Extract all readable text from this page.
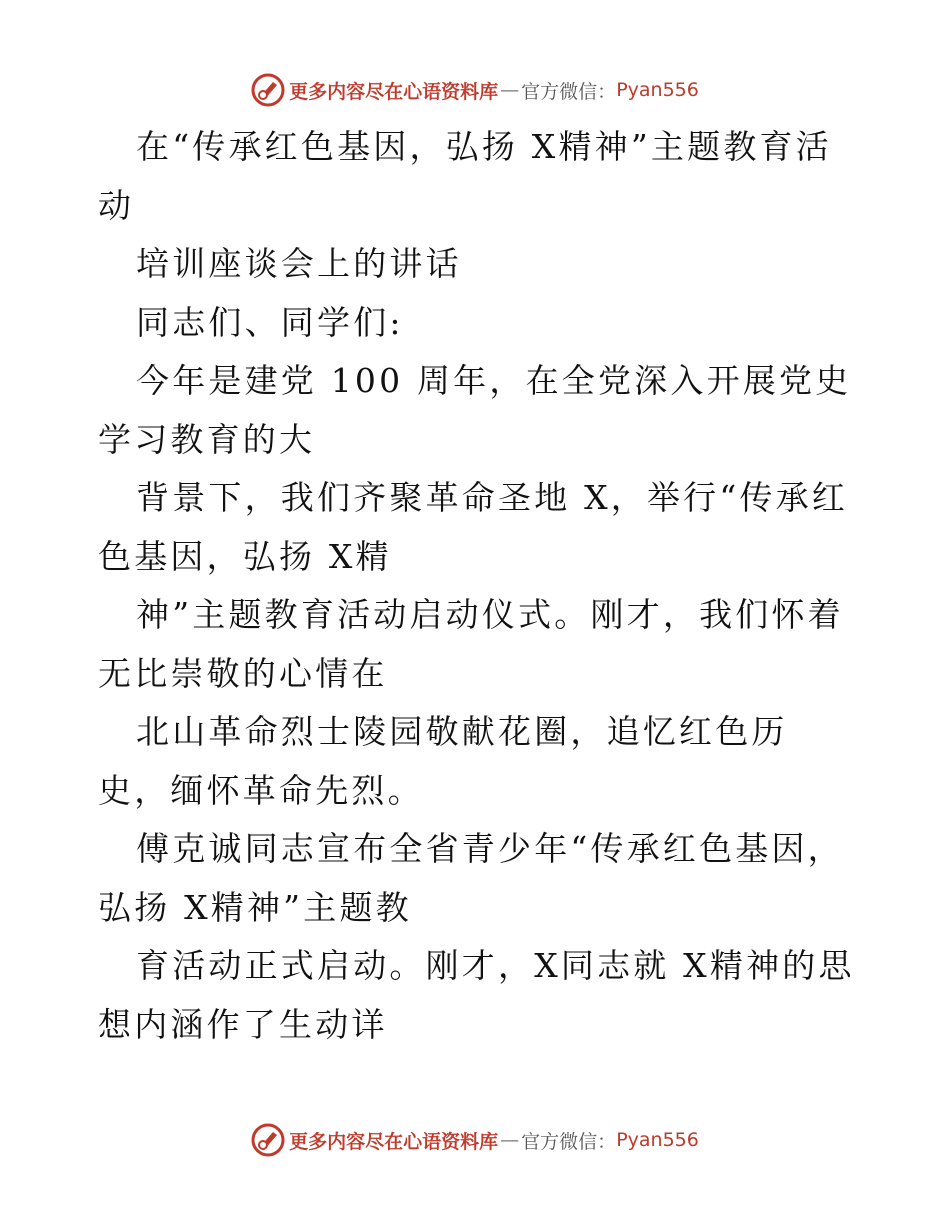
更多内容尽在心语资料库 — 官方微信： Pyan556

在“传承红色基因，弘扬 X精神”主题教育活动

培训座谈会上的讲话

同志们、同学们:

今年是建党 100 周年，在全党深入开展党史学习教育的大

背景下，我们齐聚革命圣地 X，举行“传承红色基因，弘扬 X精

神”主题教育活动启动仪式。刚才，我们怀着无比崇敬的心情在

北山革命烈士陵园敬献花圈，追忆红色历史，缅怀革命先烈。

傅克诚同志宣布全省青少年“传承红色基因，弘扬 X精神”主题教

育活动正式启动。刚才，X同志就 X精神的思想内涵作了生动详

更多内容尽在心语资料库 — 官方微信： Pyan556
